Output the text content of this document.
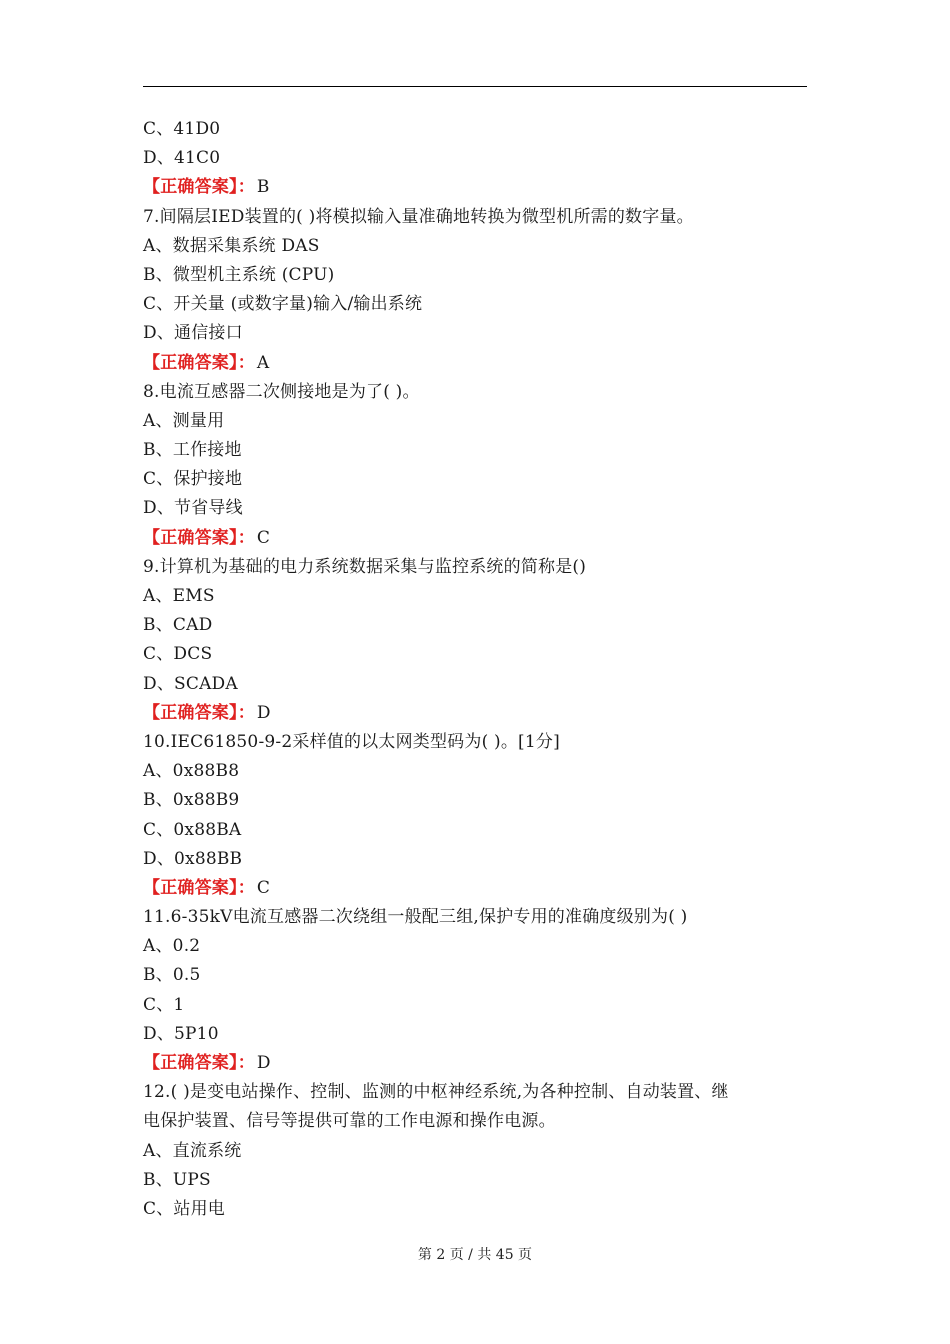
C、41D0
D、41C0
【正确答案】： B
7.间隔层IED装置的( )将模拟输入量准确地转换为微型机所需的数字量。
A、数据采集系统 DAS
B、微型机主系统 (CPU)
C、开关量 (或数字量)输入/输出系统
D、通信接口
【正确答案】： A
8.电流互感器二次侧接地是为了( )。
A、测量用
B、工作接地
C、保护接地
D、节省导线
【正确答案】： C
9.计算机为基础的电力系统数据采集与监控系统的简称是()
A、EMS
B、CAD
C、DCS
D、SCADA
【正确答案】： D
10.IEC61850-9-2采样值的以太网类型码为( )。[1分]
A、0x88B8
B、0x88B9
C、0x88BA
D、0x88BB
【正确答案】： C
11.6-35kV电流互感器二次绕组一般配三组,保护专用的准确度级别为( )
A、0.2
B、0.5
C、1
D、5P10
【正确答案】： D
12.( )是变电站操作、控制、监测的中枢神经系统,为各种控制、自动装置、继
电保护装置、信号等提供可靠的工作电源和操作电源。
A、直流系统
B、UPS
C、站用电
第 2 页 / 共 45 页
